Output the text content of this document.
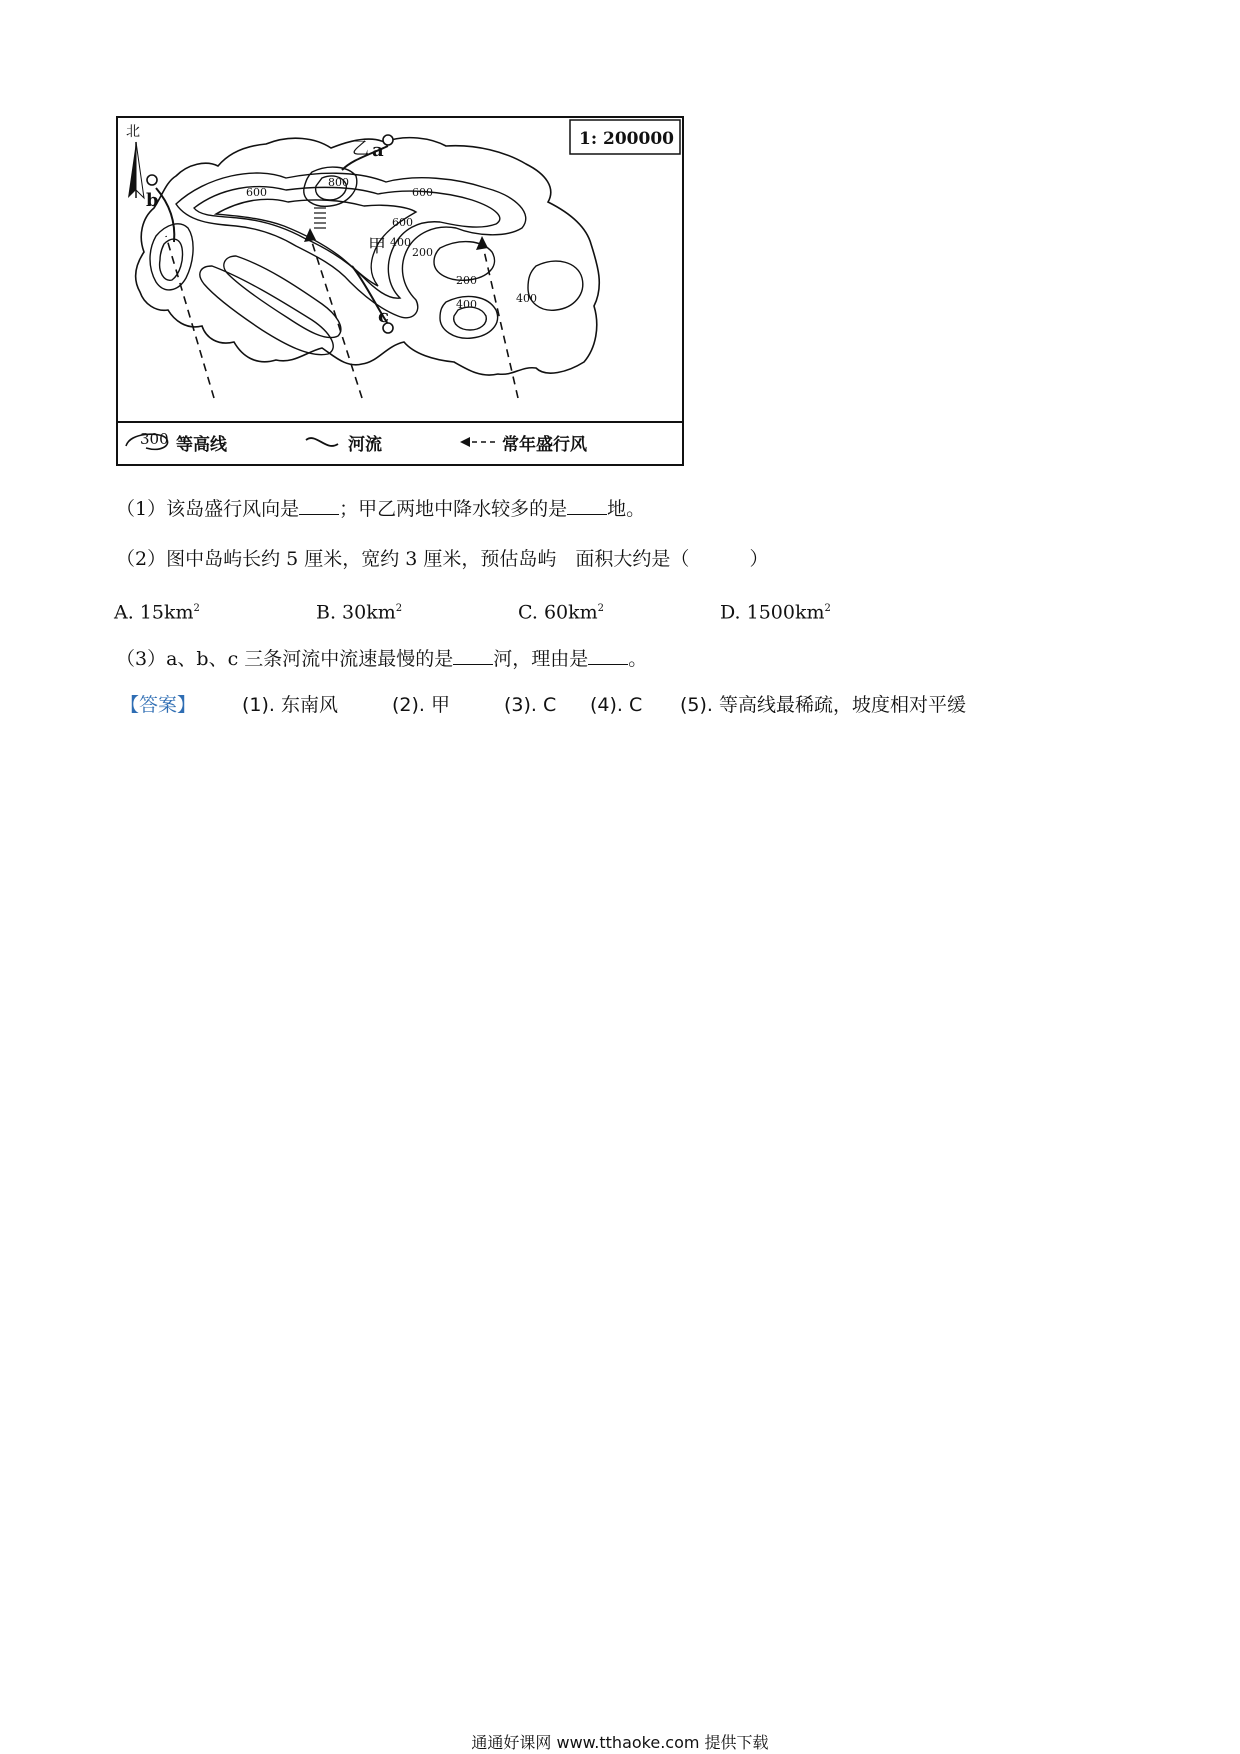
1: 200000
北
800
600	600
600
400
200
200
400	400
a
b
c
乙
甲
300 等高线	河流	常年盛行风
（1）该岛盛行风向是 ；甲乙两地中降水较多的是 地。
（2）图中岛屿长约 5 厘米，宽约 3 厘米，预估岛屿　面积大约是（	）
A. $15km^2$	B. $30km^2$	C. $60km^2$	D. $1500km^2$
（3）a、b、c 三条河流中流速最慢的是 河，理由是 。
【答案】 (1). 东南风	(2). 甲	(3). C (4). C (5). 等高线最稀疏，坡度相对平缓
通通好课网 www.tthaoke.com 提供下载
